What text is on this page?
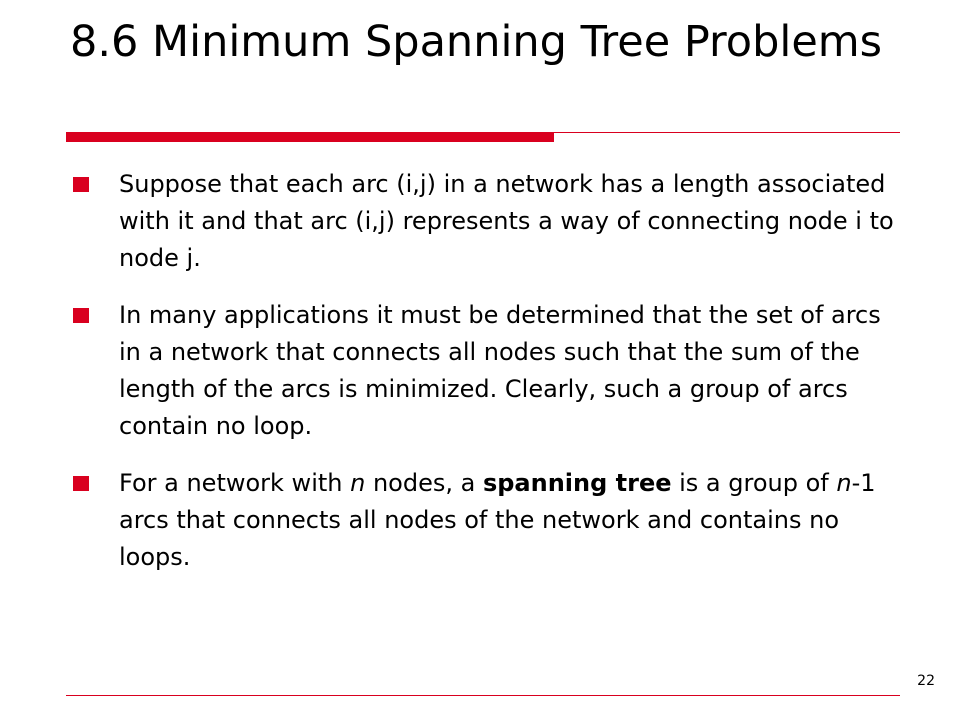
8.6 Minimum Spanning Tree Problems
Suppose that each arc (i,j) in a network has a length associated with it and that arc (i,j) represents a way of connecting node i to node j.
In many applications it must be determined that the set of arcs in a network that connects all nodes such that the sum of the length of the arcs is minimized. Clearly, such a group of arcs contain no loop.
For a network with n nodes, a spanning tree is a group of n-1 arcs that connects all nodes of the network and contains no loops.
22
